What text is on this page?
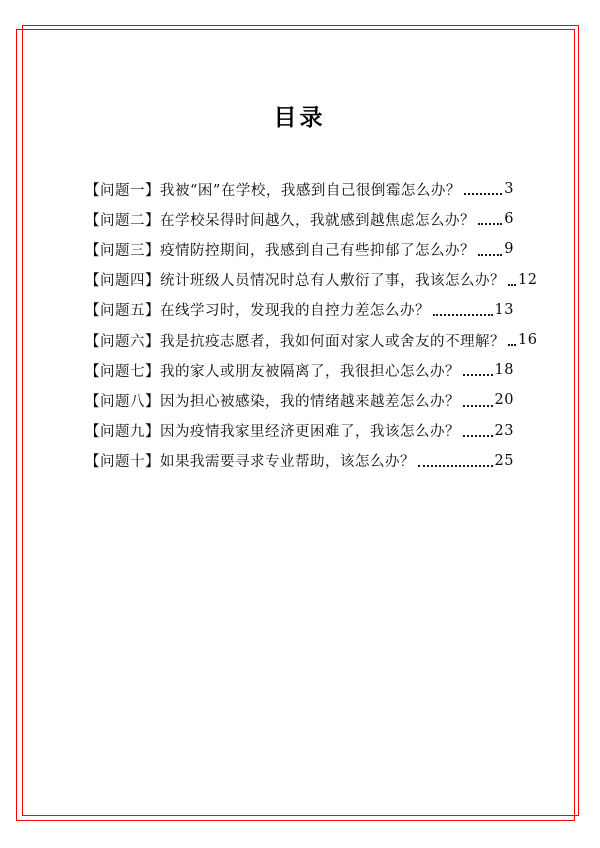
目录
【问题一】我被“困”在学校，我感到自己很倒霉怎么办？	3
【问题二】在学校呆得时间越久，我就感到越焦虑怎么办？ 6
【问题三】疫情防控期间，我感到自己有些抑郁了怎么办？ 9
【问题四】统计班级人员情况时总有人敷衍了事，我该怎么办？ 12
【问题五】在线学习时，发现我的自控力差怎么办？	13
【问题六】我是抗疫志愿者，我如何面对家人或舍友的不理解？ 16
【问题七】我的家人或朋友被隔离了，我很担心怎么办？ 18
【问题八】因为担心被感染，我的情绪越来越差怎么办？ 20
【问题九】因为疫情我家里经济更困难了，我该怎么办？ 23
【问题十】如果我需要寻求专业帮助，该怎么办？	25
